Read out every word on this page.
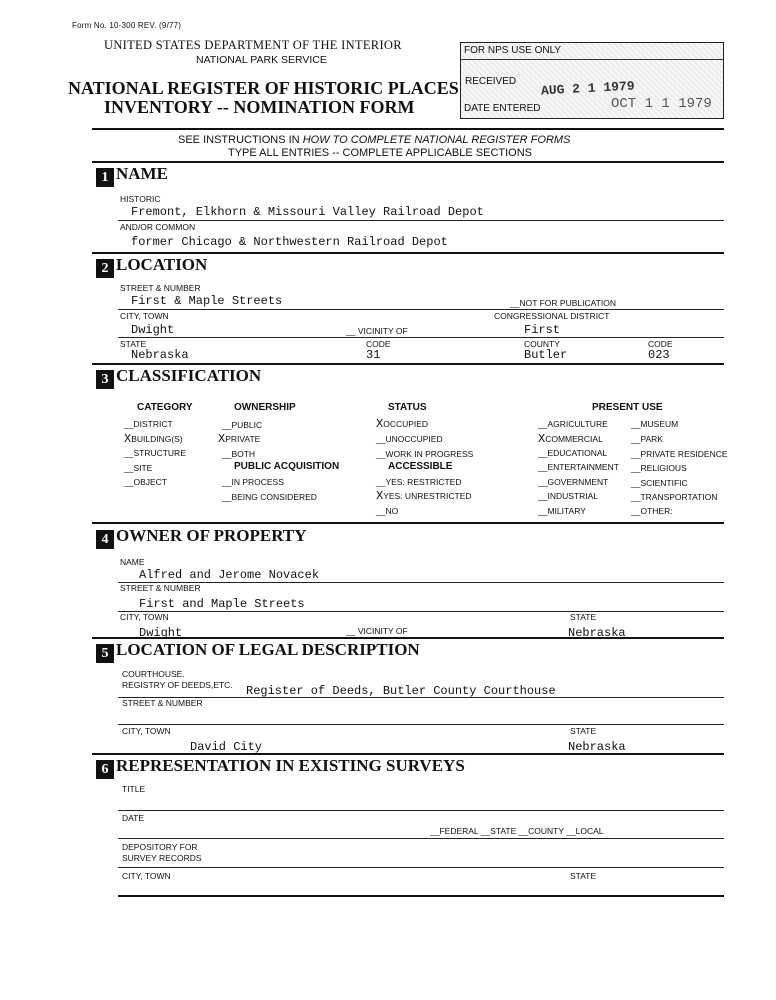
Form No. 10-300 REV. (9/77)
UNITED STATES DEPARTMENT OF THE INTERIOR
NATIONAL PARK SERVICE
NATIONAL REGISTER OF HISTORIC PLACES
INVENTORY -- NOMINATION FORM
FOR NPS USE ONLY
RECEIVED AUG 2 1 1979
DATE ENTERED	OCT 1 1 1979
SEE INSTRUCTIONS IN HOW TO COMPLETE NATIONAL REGISTER FORMS
TYPE ALL ENTRIES -- COMPLETE APPLICABLE SECTIONS
1 NAME
HISTORIC
Fremont, Elkhorn & Missouri Valley Railroad Depot
AND/OR COMMON
former Chicago & Northwestern Railroad Depot
2 LOCATION
STREET & NUMBER
First & Maple Streets	__NOT FOR PUBLICATION
CITY, TOWN	CONGRESSIONAL DISTRICT
Dwight	__ VICINITY OF	First
STATE	CODE	COUNTY	CODE
Nebraska	31	Butler	023
3 CLASSIFICATION
CATEGORY	OWNERSHIP	STATUS	PRESENT USE
__DISTRICT
XBUILDING(S)
__STRUCTURE
__SITE
__OBJECT
__PUBLIC
XPRIVATE
__BOTH
PUBLIC ACQUISITION
__IN PROCESS
__BEING CONSIDERED
XOCCUPIED
__UNOCCUPIED
__WORK IN PROGRESS
ACCESSIBLE
__YES: RESTRICTED
XYES: UNRESTRICTED
__NO
__AGRICULTURE
XCOMMERCIAL
__EDUCATIONAL
__ENTERTAINMENT
__GOVERNMENT
__INDUSTRIAL
__MILITARY
__MUSEUM
__PARK
__PRIVATE RESIDENCE
__RELIGIOUS
__SCIENTIFIC
__TRANSPORTATION
__OTHER:
4 OWNER OF PROPERTY
NAME
Alfred and Jerome Novacek
STREET & NUMBER
First and Maple Streets
STATE
CITY, TOWN
Dwight	__ VICINITY OF	Nebraska
5 LOCATION OF LEGAL DESCRIPTION
COURTHOUSE.
REGISTRY OF DEEDS,ETC. Register of Deeds, Butler County Courthouse
STREET & NUMBER
CITY, TOWN	STATE
David City	Nebraska
6 REPRESENTATION IN EXISTING SURVEYS
TITLE
DATE
__FEDERAL __STATE __COUNTY __LOCAL
DEPOSITORY FOR
SURVEY RECORDS
CITY, TOWN	STATE
